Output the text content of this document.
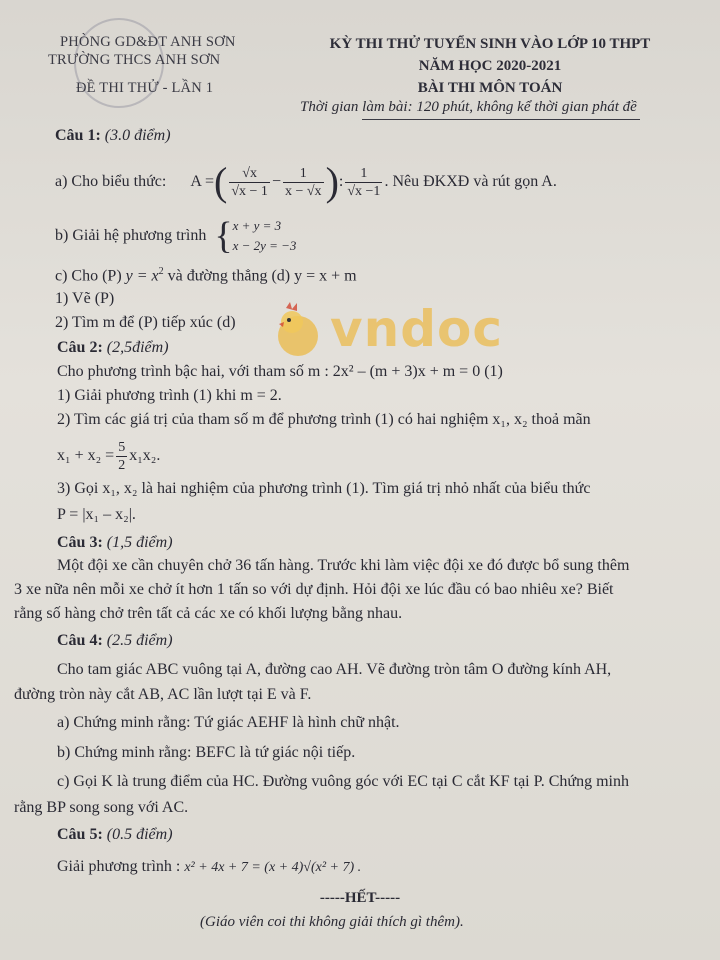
PHÒNG GD&ĐT ANH SƠN
TRƯỜNG THCS ANH SƠN
ĐỀ THI THỬ - LẦN 1
KỲ THI THỬ TUYỂN SINH VÀO LỚP 10 THPT
NĂM HỌC 2020-2021
BÀI THI MÔN TOÁN
Thời gian làm bài: 120 phút, không kể thời gian phát đề
Câu 1: (3.0 điểm)
a) Cho biểu thức: A = ( $\frac{√x}{√x - 1} - \frac{1}{x - √x}$ ) : $\frac{1}{√x -1}$ . Nêu ĐKXĐ và rút gọn A.
b) Giải hệ phương trình { x + y = 3
x − 2y = −3
c) Cho (P) $y = x^2$ và đường thẳng (d) y = x + m
1) Vẽ (P)
2) Tìm m để (P) tiếp xúc (d) vndoc
Câu 2: (2,5điểm)
Cho phương trình bậc hai, với tham số m : 2x² – (m + 3)x + m = 0 (1)
1) Giải phương trình (1) khi m = 2.
2) Tìm các giá trị của tham số m để phương trình (1) có hai nghiệm x₁, x₂ thoả mãn
$x_1 + x_2 = \frac{5}{2} x_1x_2$.
3) Gọi x₁, x₂ là hai nghiệm của phương trình (1). Tìm giá trị nhỏ nhất của biểu thức
P = |x₁ – x₂|.
Câu 3: (1,5 điểm)
Một đội xe cần chuyên chở 36 tấn hàng. Trước khi làm việc đội xe đó được bổ sung thêm
3 xe nữa nên mỗi xe chở ít hơn 1 tấn so với dự định. Hỏi đội xe lúc đầu có bao nhiêu xe? Biết
rằng số hàng chở trên tất cả các xe có khối lượng bằng nhau.
Câu 4: (2.5 điểm)
Cho tam giác ABC vuông tại A, đường cao AH. Vẽ đường tròn tâm O đường kính AH,
đường tròn này cắt AB, AC lần lượt tại E và F.
a) Chứng minh rằng: Tứ giác AEHF là hình chữ nhật.
b) Chứng minh rằng: BEFC là tứ giác nội tiếp.
c) Gọi K là trung điểm của HC. Đường vuông góc với EC tại C cắt KF tại P. Chứng minh
rằng BP song song với AC.
Câu 5: (0.5 điểm)
Giải phương trình : x² + 4x + 7 = (x + 4)√(x² + 7) .
-----HẾT-----
(Giáo viên coi thi không giải thích gì thêm).
